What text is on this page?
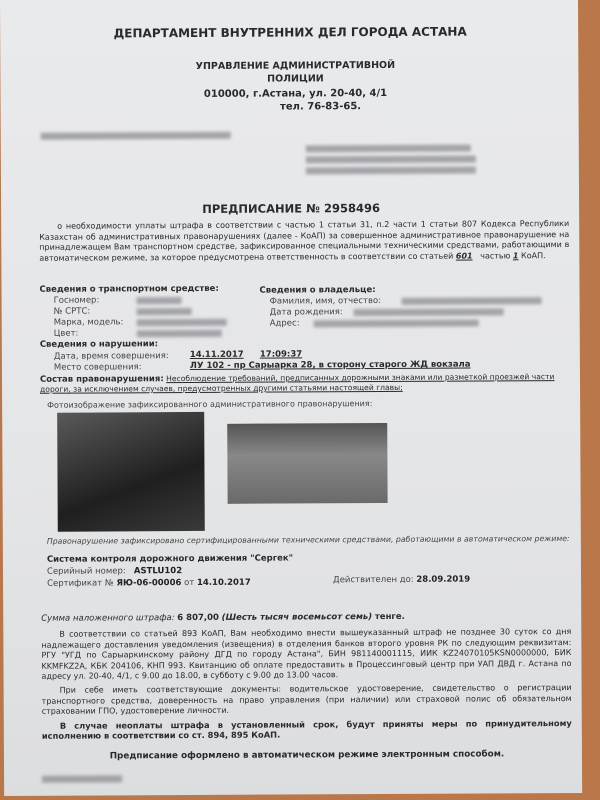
ДЕПАРТАМЕНТ ВНУТРЕННИХ ДЕЛ ГОРОДА АСТАНА
УПРАВЛЕНИЕ АДМИНИСТРАТИВНОЙ
ПОЛИЦИИ
010000, г.Астана, ул. 20-40, 4/1
тел. 76-83-65.
ПРЕДПИСАНИЕ № 2958496
о необходимости уплаты штрафа в соответствии с частью 1 статьи 31, п.2 части 1 статьи 807 Кодекса Республики Казахстан об административных правонарушениях (далее - КоАП) за совершенное административное правонарушение на принадлежащем Вам транспортном средстве, зафиксированное специальными техническими средствами, работающими в автоматическом режиме, за которое предусмотрена ответственность в соответствии со статьей 601 частью 1 КоАП.
Сведения о транспортном средстве:
Госномер:
№ СРТС:
Марка, модель:
Цвет:
Сведения о владельце:
Фамилия, имя, отчество:
Дата рождения:
Адрес:
Сведения о нарушении:
Дата, время совершения: 14.11.2017 17:09:37
Место совершения:	ЛУ 102 - пр Сарыарка 28, в сторону старого ЖД вокзала
Состав правонарушения: Несоблюдение требований, предписанных дорожными знаками или разметкой проезжей части дороги, за исключением случаев, предусмотренных другими статьями настоящей главы;
Фотоизображение зафиксированного административного правонарушения:
Правонарушение зафиксировано сертифицированными техническими средствами, работающими в автоматическом режиме:
Система контроля дорожного движения "Сергек"
Серийный номер: ASTLU102
Сертификат № ЯЮ-06-00006 от 14.10.2017	Действителен до: 28.09.2019
Сумма наложенного штрафа: 6 807,00 (Шесть тысяч восемьсот семь) тенге.
В соответствии со статьей 893 КоАП, Вам необходимо внести вышеуказанный штраф не позднее 30 суток со дня надлежащего доставления уведомления (извещения) в отделения банков второго уровня РК по следующим реквизитам: РГУ "УГД по Сарыаркинскому району ДГД по городу Астана", БИН 981140001115, ИИК KZ24070105KSN0000000, БИК KKMFKZ2A, КБК 204106, КНП 993. Квитанцию об оплате предоставить в Процессинговый центр при УАП ДВД г. Астана по адресу ул. 20-40, 4/1, с 9.00 до 18.00, в субботу с 9.00 до 13.00 часов.
При себе иметь соответствующие документы: водительское удостоверение, свидетельство о регистрации транспортного средства, доверенность на право управления (при наличии) или страховой полис об обязательном страховании ГПО, удостоверение личности.
В случае неоплаты штрафа в установленный срок, будут приняты меры по принудительному исполнению в соответствии со ст. 894, 895 КоАП.
Предписание оформлено в автоматическом режиме электронным способом.
